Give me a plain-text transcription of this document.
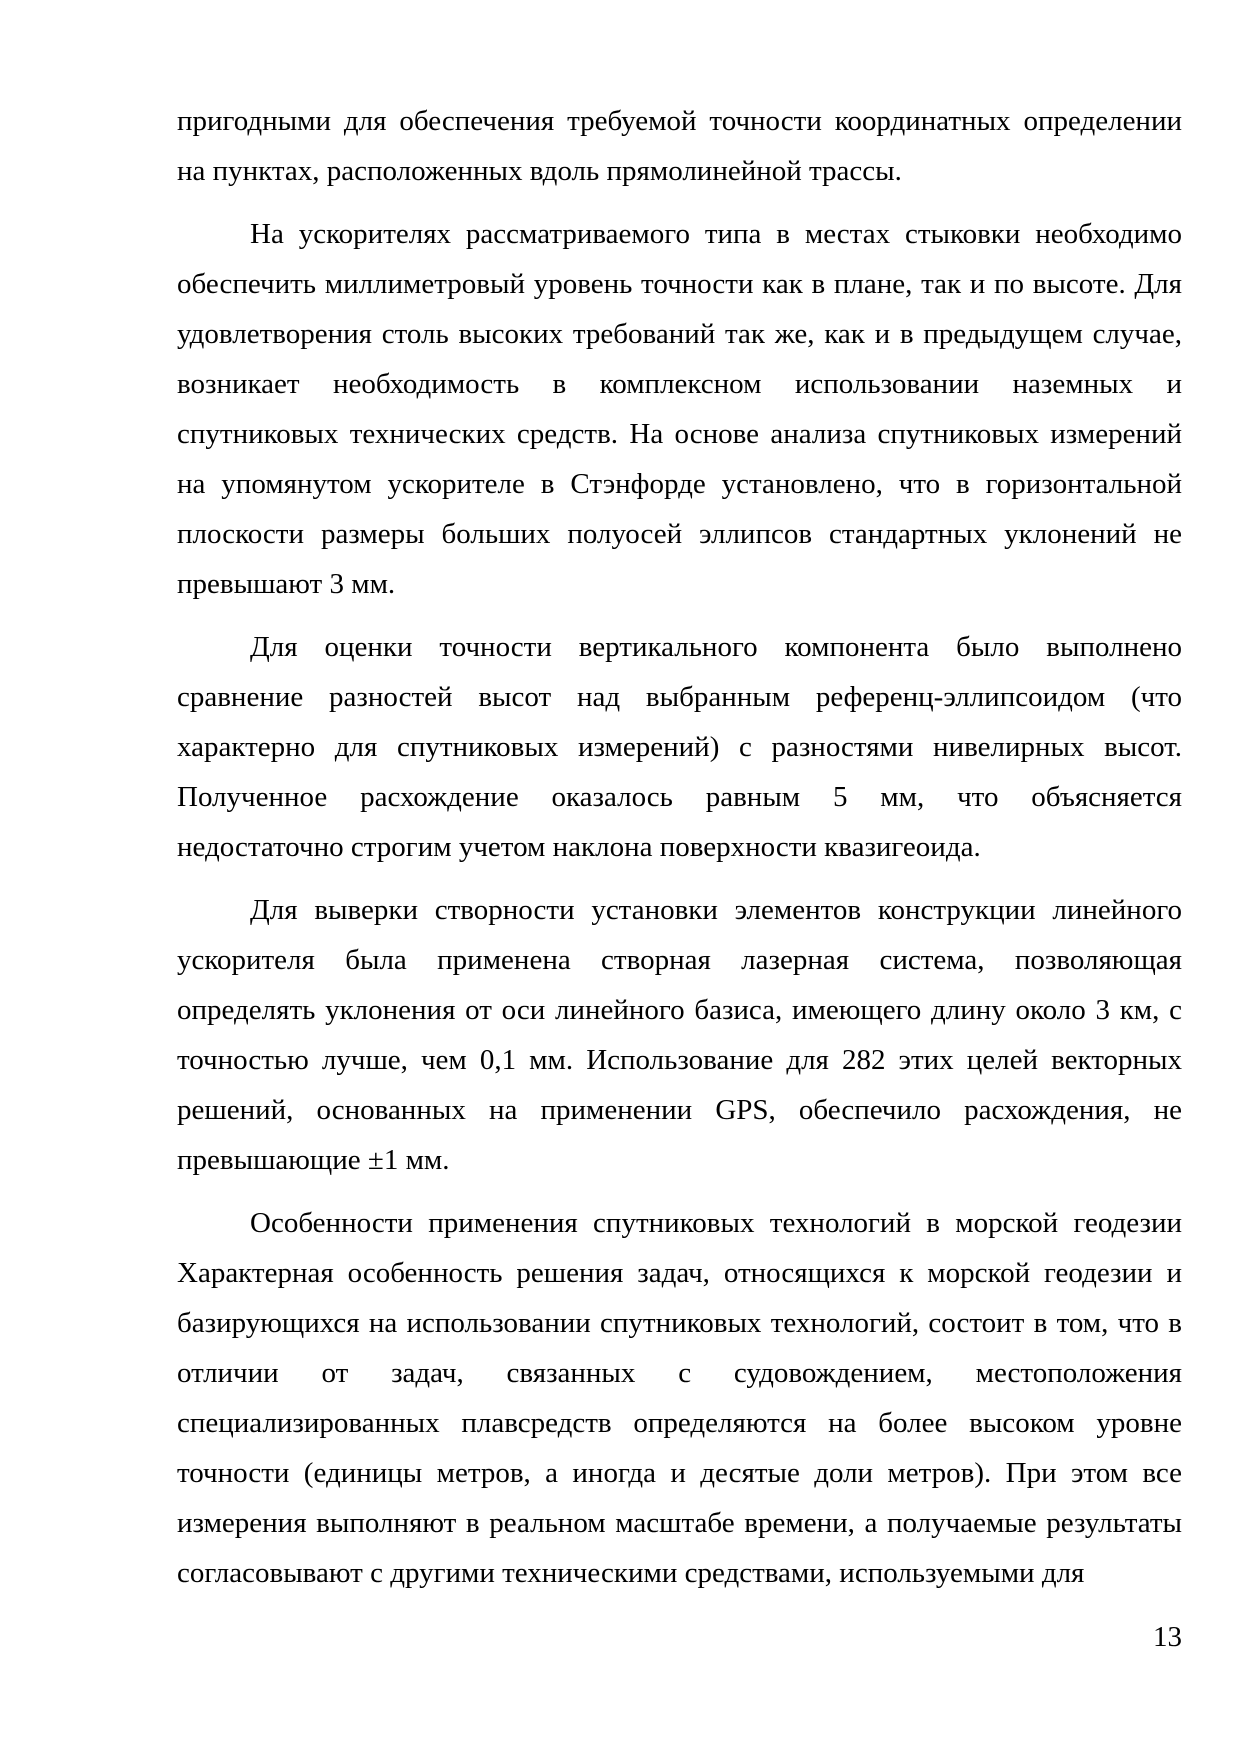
пригодными для обеспечения требуемой точности координатных определении
на пунктах, расположенных вдоль прямолинейной трассы.
На ускорителях рассматриваемого типа в местах стыковки необходимо
обеспечить миллиметровый уровень точности как в плане, так и по высоте. Для
удовлетворения столь высоких требований так же, как и в предыдущем случае,
возникает необходимость в комплексном использовании наземных и
спутниковых технических средств. На основе анализа спутниковых измерений
на упомянутом ускорителе в Стэнфорде установлено, что в горизонтальной
плоскости размеры больших полуосей эллипсов стандартных уклонений не
превышают 3 мм.
Для оценки точности вертикального компонента было выполнено
сравнение разностей высот над выбранным референц-эллипсоидом (что
характерно для спутниковых измерений) с разностями нивелирных высот.
Полученное расхождение оказалось равным 5 мм, что объясняется
недостаточно строгим учетом наклона поверхности квазигеоида.
Для выверки створности установки элементов конструкции линейного
ускорителя была применена створная лазерная система, позволяющая
определять уклонения от оси линейного базиса, имеющего длину около 3 км, с
точностью лучше, чем 0,1 мм. Использование для 282 этих целей векторных
решений, основанных на применении GPS, обеспечило расхождения, не
превышающие ±1 мм.
Особенности применения спутниковых технологий в морской геодезии
Характерная особенность решения задач, относящихся к морской геодезии и
базирующихся на использовании спутниковых технологий, состоит в том, что в
отличии от задач, связанных с судовождением, местоположения
специализированных плавсредств определяются на более высоком уровне
точности (единицы метров, а иногда и десятые доли метров). При этом все
измерения выполняют в реальном масштабе времени, а получаемые результаты
согласовывают с другими техническими средствами, используемыми для
13
